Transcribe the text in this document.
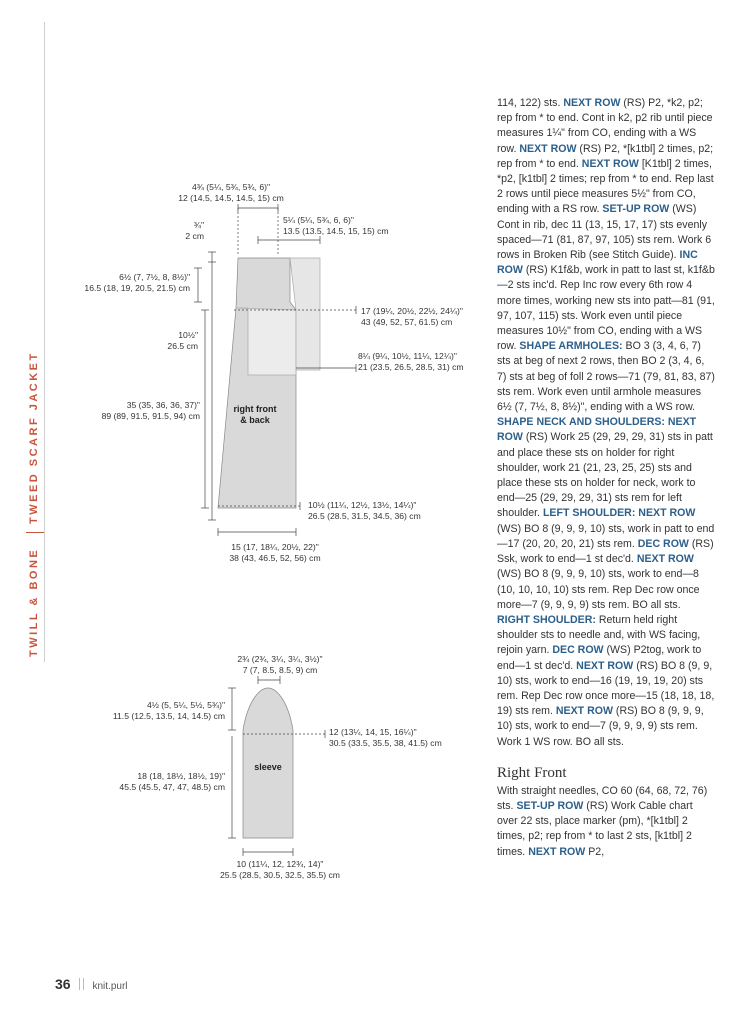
TWEED SCARF JACKET
TWILL & BONE
right front
& back
4¾ (5¼, 5¾, 5¾, 6)"
12 (14.5, 14.5, 14.5, 15) cm
5¼ (5¼, 5¾, 6, 6)"
13.5 (13.5, 14.5, 15, 15) cm
¾"
2 cm
6½ (7, 7½, 8, 8½)"
16.5 (18, 19, 20.5, 21.5) cm
17 (19¼, 20½, 22½, 24¼)"
43 (49, 52, 57, 61.5) cm
10½"
26.5 cm
8¼ (9¼, 10½, 11¼, 12¼)"
21 (23.5, 26.5, 28.5, 31) cm
35 (35, 36, 36, 37)"
89 (89, 91.5, 91.5, 94) cm
10½ (11¼, 12½, 13½, 14¼)"
26.5 (28.5, 31.5, 34.5, 36) cm
15 (17, 18¼, 20½, 22)"
38 (43, 46.5, 52, 56) cm
sleeve
2¾ (2¾, 3¼, 3¼, 3½)"
7 (7, 8.5, 8.5, 9) cm
4½ (5, 5¼, 5½, 5¾)"
11.5 (12.5, 13.5, 14, 14.5) cm
12 (13¼, 14, 15, 16¼)"
30.5 (33.5, 35.5, 38, 41.5) cm
18 (18, 18½, 18½, 19)"
45.5 (45.5, 47, 47, 48.5) cm
10 (11¼, 12, 12¾, 14)"
25.5 (28.5, 30.5, 32.5, 35.5) cm

114, 122) sts. NEXT ROW (RS) P2, *k2, p2; rep from * to end. Cont in k2, p2 rib until piece measures 1¼" from CO, ending with a WS row. NEXT ROW (RS) P2, *[k1tbl] 2 times, p2; rep from * to end. NEXT ROW [K1tbl] 2 times, *p2, [k1tbl] 2 times; rep from * to end. Rep last 2 rows until piece measures 5½" from CO, ending with a RS row. SET-UP ROW (WS) Cont in rib, dec 11 (13, 15, 17, 17) sts evenly spaced—71 (81, 87, 97, 105) sts rem. Work 6 rows in Broken Rib (see Stitch Guide). INC ROW (RS) K1f&b, work in patt to last st, k1f&b—2 sts inc'd. Rep Inc row every 6th row 4 more times, working new sts into patt—81 (91, 97, 107, 115) sts. Work even until piece measures 10½" from CO, ending with a WS row. SHAPE ARMHOLES: BO 3 (3, 4, 6, 7) sts at beg of next 2 rows, then BO 2 (3, 4, 6, 7) sts at beg of foll 2 rows—71 (79, 81, 83, 87) sts rem. Work even until armhole measures 6½ (7, 7½, 8, 8½)", ending with a WS row. SHAPE NECK AND SHOULDERS: NEXT ROW (RS) Work 25 (29, 29, 29, 31) sts in patt and place these sts on holder for right shoulder, work 21 (21, 23, 25, 25) sts and place these sts on holder for neck, work to end—25 (29, 29, 29, 31) sts rem for left shoulder. LEFT SHOULDER: NEXT ROW (WS) BO 8 (9, 9, 9, 10) sts, work in patt to end—17 (20, 20, 20, 21) sts rem. DEC ROW (RS) Ssk, work to end—1 st dec'd. NEXT ROW (WS) BO 8 (9, 9, 9, 10) sts, work to end—8 (10, 10, 10, 10) sts rem. Rep Dec row once more—7 (9, 9, 9, 9) sts rem. BO all sts. RIGHT SHOULDER: Return held right shoulder sts to needle and, with WS facing, rejoin yarn. DEC ROW (WS) P2tog, work to end—1 st dec'd. NEXT ROW (RS) BO 8 (9, 9, 10) sts, work to end—16 (19, 19, 19, 20) sts rem. Rep Dec row once more—15 (18, 18, 18, 19) sts rem. NEXT ROW (RS) BO 8 (9, 9, 9, 10) sts, work to end—7 (9, 9, 9, 9) sts rem. Work 1 WS row. BO all sts.

Right Front

With straight needles, CO 60 (64, 68, 72, 76) sts. SET-UP ROW (RS) Work Cable chart over 22 sts, place marker (pm), *[k1tbl] 2 times, p2; rep from * to last 2 sts, [k1tbl] 2 times. NEXT ROW P2,

36 knit.purl
